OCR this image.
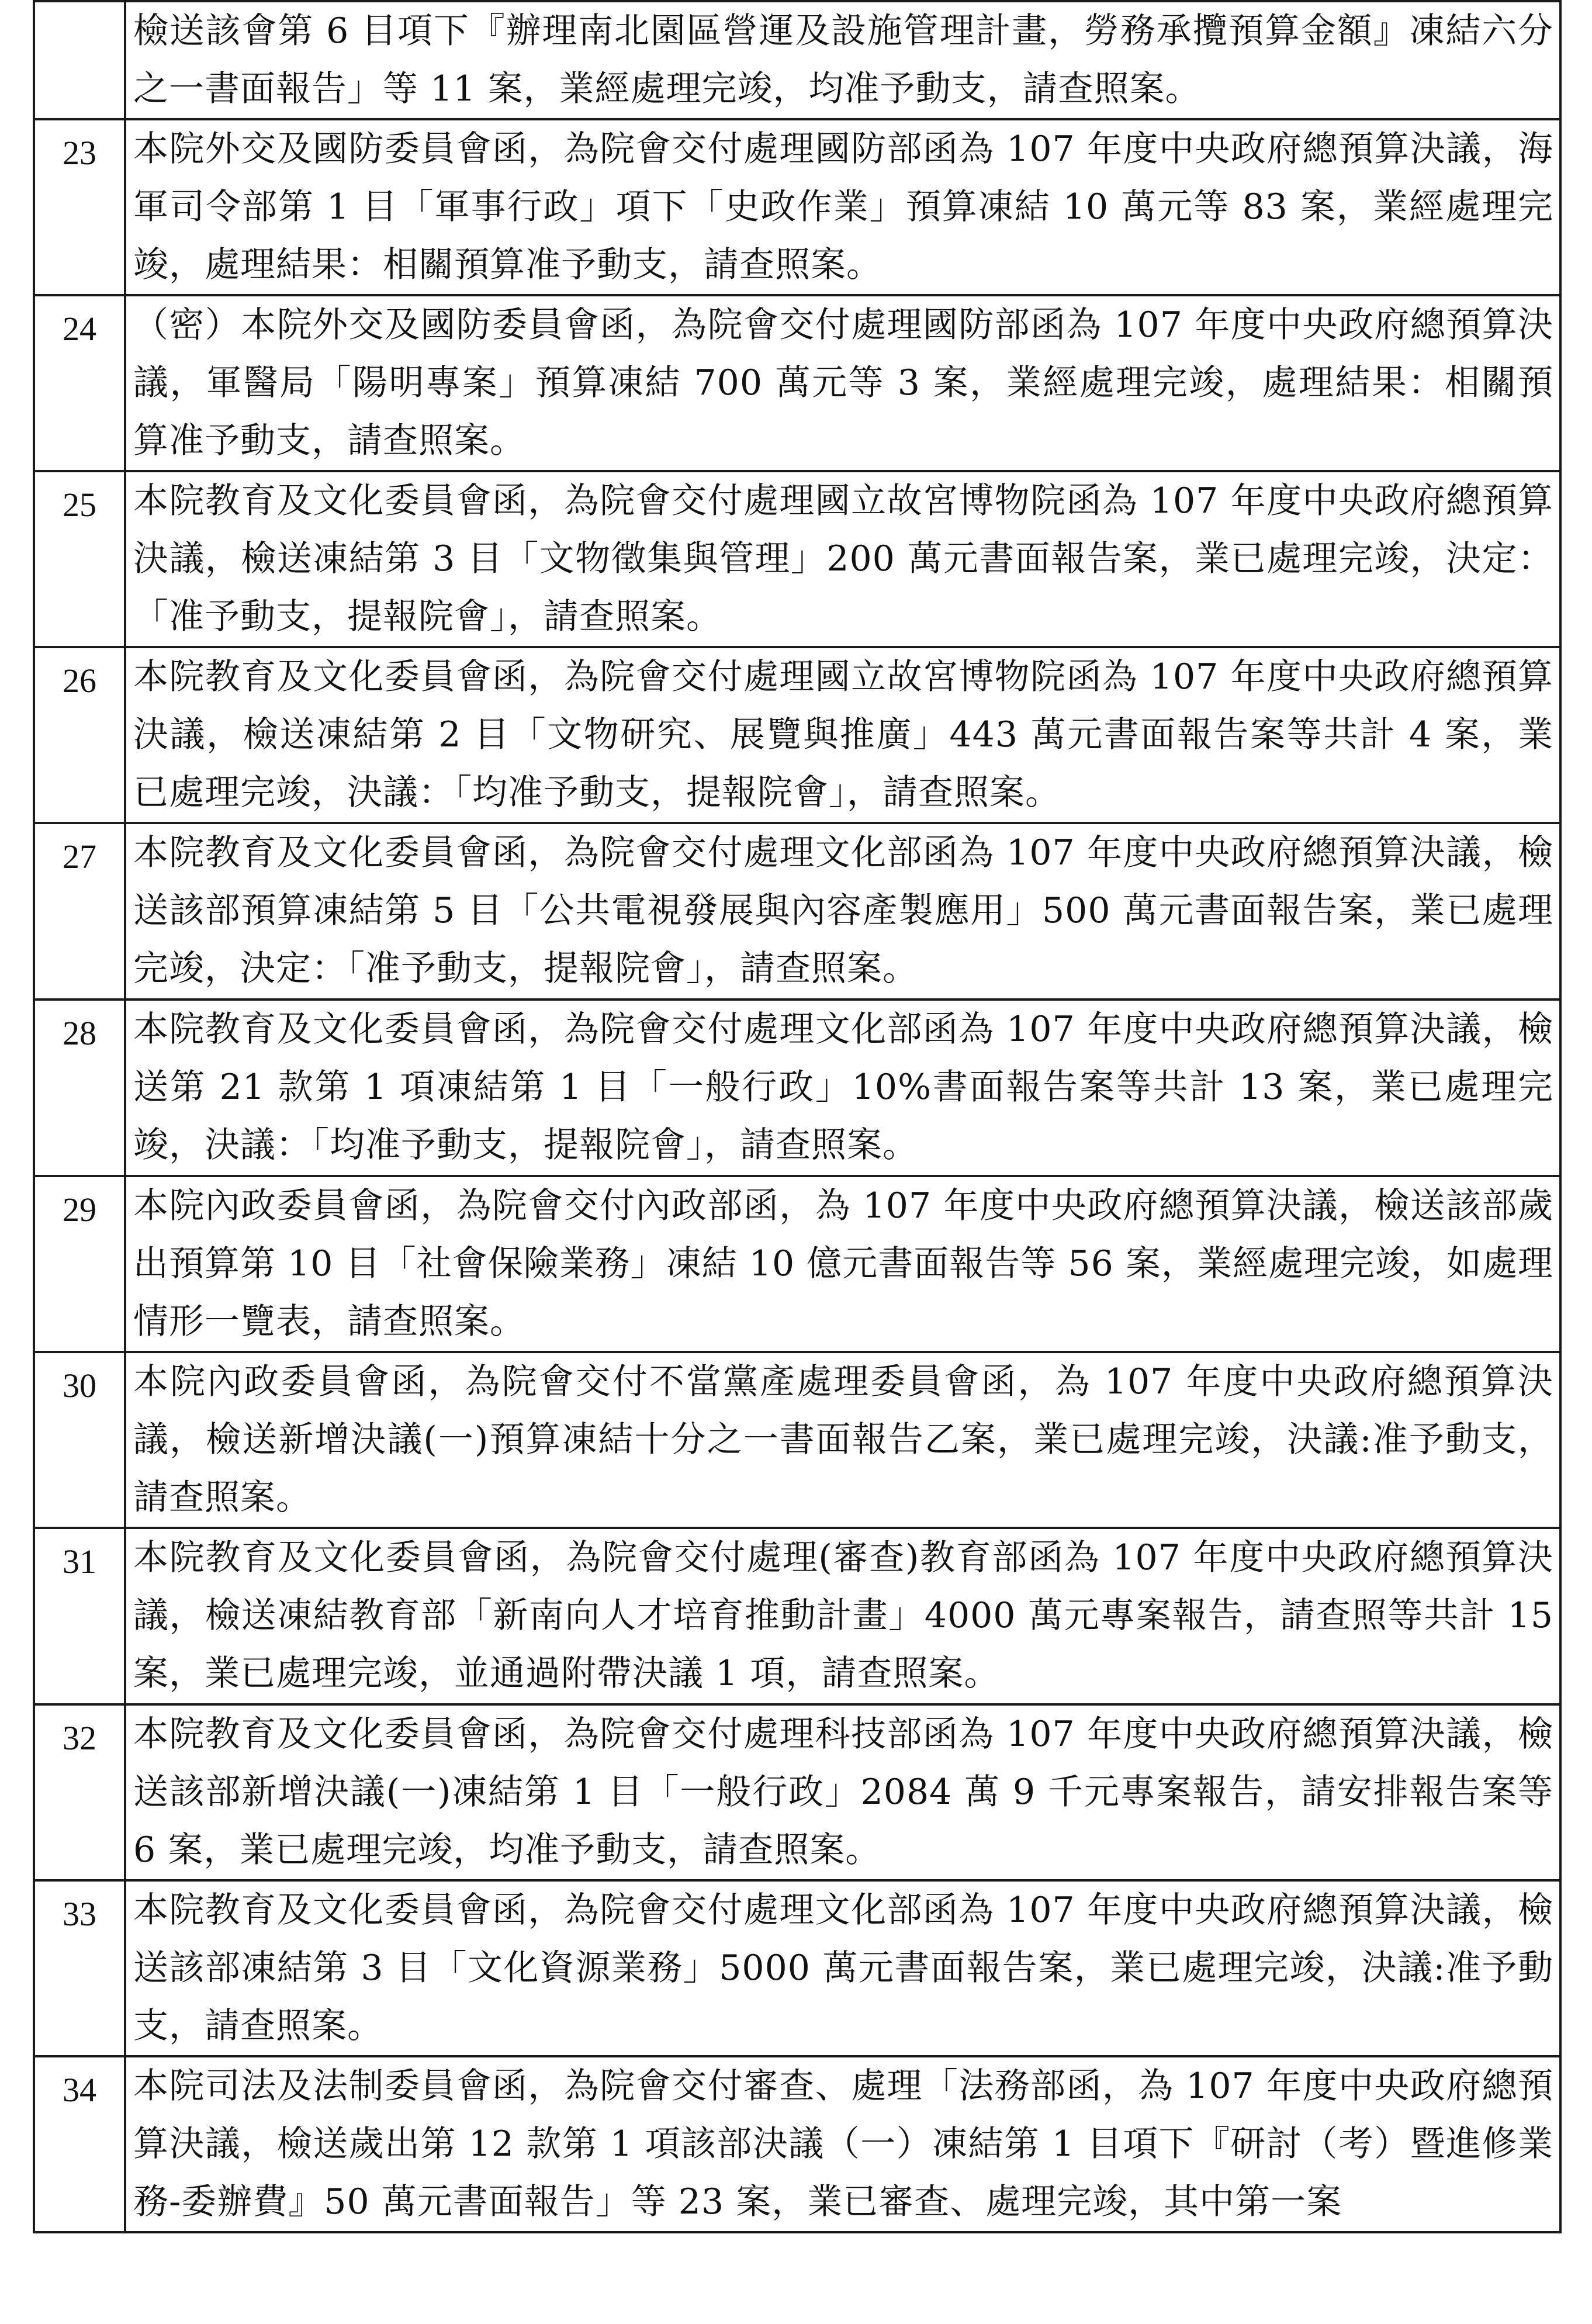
	檢送該會第 6 目項下『辦理南北園區營運及設施管理計畫，勞務承攬預算金額』凍結六分之一書面報告」等 11 案，業經處理完竣，均准予動支，請查照案。
23	本院外交及國防委員會函，為院會交付處理國防部函為 107 年度中央政府總預算決議，海軍司令部第 1 目「軍事行政」項下「史政作業」預算凍結 10 萬元等 83 案，業經處理完竣，處理結果：相關預算准予動支，請查照案。
24	（密）本院外交及國防委員會函，為院會交付處理國防部函為 107 年度中央政府總預算決議，軍醫局「陽明專案」預算凍結 700 萬元等 3 案，業經處理完竣，處理結果：相關預算准予動支，請查照案。
25	本院教育及文化委員會函，為院會交付處理國立故宮博物院函為 107 年度中央政府總預算決議，檢送凍結第 3 目「文物徵集與管理」200 萬元書面報告案，業已處理完竣，決定：「准予動支，提報院會」，請查照案。
26	本院教育及文化委員會函，為院會交付處理國立故宮博物院函為 107 年度中央政府總預算決議，檢送凍結第 2 目「文物研究、展覽與推廣」443 萬元書面報告案等共計 4 案，業已處理完竣，決議：「均准予動支，提報院會」，請查照案。
27	本院教育及文化委員會函，為院會交付處理文化部函為 107 年度中央政府總預算決議，檢送該部預算凍結第 5 目「公共電視發展與內容產製應用」500 萬元書面報告案，業已處理完竣，決定：「准予動支，提報院會」，請查照案。
28	本院教育及文化委員會函，為院會交付處理文化部函為 107 年度中央政府總預算決議，檢送第 21 款第 1 項凍結第 1 目「一般行政」10%書面報告案等共計 13 案，業已處理完竣，決議：「均准予動支，提報院會」，請查照案。
29	本院內政委員會函，為院會交付內政部函，為 107 年度中央政府總預算決議，檢送該部歲出預算第 10 目「社會保險業務」凍結 10 億元書面報告等 56 案，業經處理完竣，如處理情形一覽表，請查照案。
30	本院內政委員會函，為院會交付不當黨產處理委員會函，為 107 年度中央政府總預算決議，檢送新增決議(一)預算凍結十分之一書面報告乙案，業已處理完竣，決議:准予動支，請查照案。
31	本院教育及文化委員會函，為院會交付處理(審查)教育部函為 107 年度中央政府總預算決議，檢送凍結教育部「新南向人才培育推動計畫」4000 萬元專案報告，請查照等共計 15 案，業已處理完竣，並通過附帶決議 1 項，請查照案。
32	本院教育及文化委員會函，為院會交付處理科技部函為 107 年度中央政府總預算決議，檢送該部新增決議(一)凍結第 1 目「一般行政」2084 萬 9 千元專案報告，請安排報告案等 6 案，業已處理完竣，均准予動支，請查照案。
33	本院教育及文化委員會函，為院會交付處理文化部函為 107 年度中央政府總預算決議，檢送該部凍結第 3 目「文化資源業務」5000 萬元書面報告案，業已處理完竣，決議:准予動支，請查照案。
34	本院司法及法制委員會函，為院會交付審查、處理「法務部函，為 107 年度中央政府總預算決議，檢送歲出第 12 款第 1 項該部決議（一）凍結第 1 目項下『研討（考）暨進修業務-委辦費』50 萬元書面報告」等 23 案，業已審查、處理完竣，其中第一案
